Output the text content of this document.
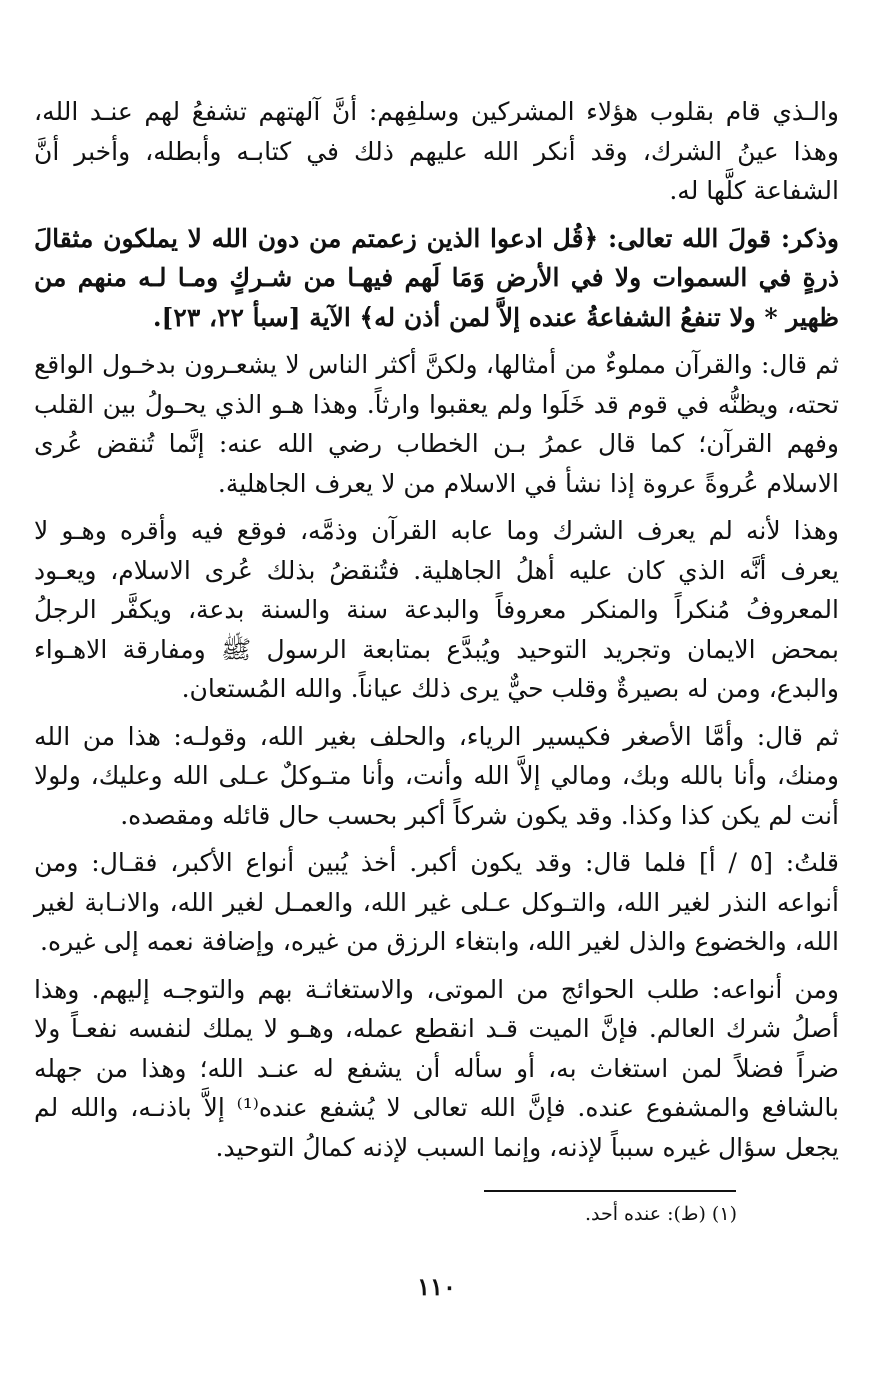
والـذي قام بقلوب هؤلاء المشركين وسلفِهم: أنَّ آلهتهم تشفعُ لهم عنـد الله، وهذا عينُ الشرك، وقد أنكر الله عليهم ذلك في كتابـه وأبطله، وأخبر أنَّ الشفاعة كلَّها له.

وذكر: قولَ الله تعالى: ﴿قُل ادعوا الذين زعمتم من دون الله لا يملكون مثقالَ ذرةٍ في السموات ولا في الأرض وَمَا لَهم فيهـا من شـركٍ ومـا لـه منهم من ظهير * ولا تنفعُ الشفاعةُ عنده إلاَّ لمن أذن له﴾ الآية [سبأ ٢٢، ٢٣].

ثم قال: والقرآن مملوءٌ من أمثالها، ولكنَّ أكثر الناس لا يشعـرون بدخـول الواقع تحته، ويظنُّه في قوم قد خَلَوا ولم يعقبوا وارثاً. وهذا هـو الذي يحـولُ بين القلب وفهم القرآن؛ كما قال عمرُ بـن الخطاب رضي الله عنه: إنَّما تُنقض عُرى الاسلام عُروةً عروة إذا نشأ في الاسلام من لا يعرف الجاهلية.

وهذا لأنه لم يعرف الشرك وما عابه القرآن وذمَّه، فوقع فيه وأقره وهـو لا يعرف أنَّه الذي كان عليه أهلُ الجاهلية. فتُنقضُ بذلك عُرى الاسلام، ويعـود المعروفُ مُنكراً والمنكر معروفاً والبدعة سنة والسنة بدعة، ويكفَّر الرجلُ بمحض الايمان وتجريد التوحيد ويُبدَّع بمتابعة الرسول ﷺ ومفارقة الاهـواء والبدع، ومن له بصيرةٌ وقلب حيٌّ يرى ذلك عياناً. والله المُستعان.

ثم قال: وأمَّا الأصغر فكيسير الرياء، والحلف بغير الله، وقولـه: هذا من الله ومنك، وأنا بالله وبك، ومالي إلاَّ الله وأنت، وأنا متـوكلٌ عـلى الله وعليك، ولولا أنت لم يكن كذا وكذا. وقد يكون شركاً أكبر بحسب حال قائله ومقصده.

قلتُ: [٥ / أ] فلما قال: وقد يكون أكبر. أخذ يُبين أنواع الأكبر، فقـال: ومن أنواعه النذر لغير الله، والتـوكل عـلى غير الله، والعمـل لغير الله، والانـابة لغير الله، والخضوع والذل لغير الله، وابتغاء الرزق من غيره، وإضافة نعمه إلى غيره.

ومن أنواعه: طلب الحوائج من الموتى، والاستغاثـة بهم والتوجـه إليهم. وهذا أصلُ شرك العالم. فإنَّ الميت قـد انقطع عمله، وهـو لا يملك لنفسه نفعـاً ولا ضراً فضلاً لمن استغاث به، أو سأله أن يشفع له عنـد الله؛ وهذا من جهله بالشافع والمشفوع عنده. فإنَّ الله تعالى لا يُشفع عنده⁽¹⁾ إلاَّ باذنـه، والله لم يجعل سؤال غيره سبباً لإذنه، وإنما السبب لإذنه كمالُ التوحيد.

(١) (ط): عنده أحد.
١١٠
